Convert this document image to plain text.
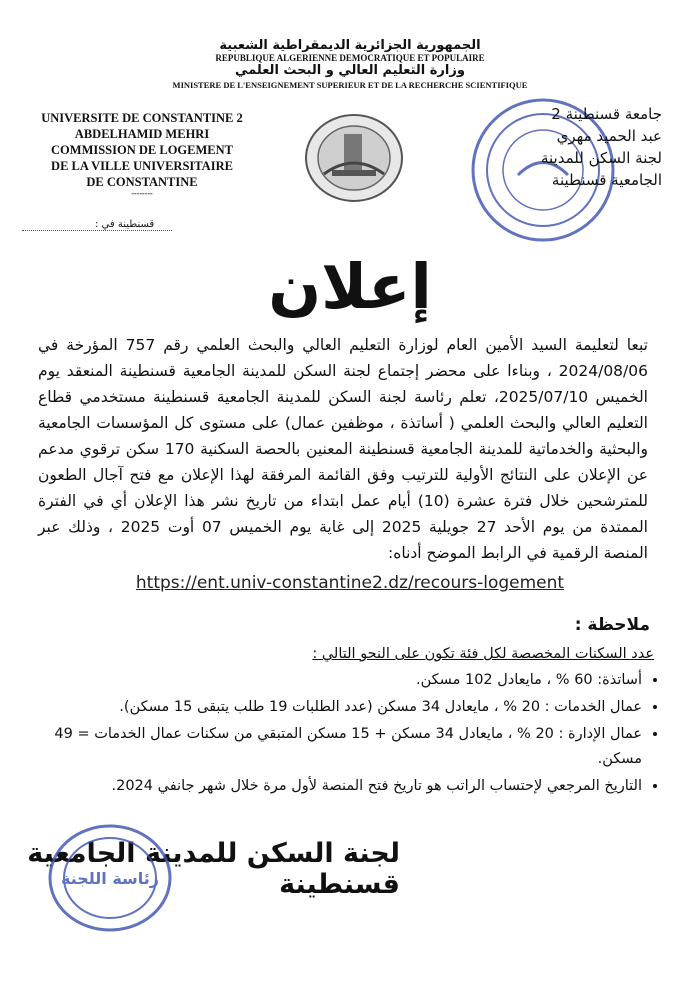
الجمهورية الجزائرية الديمقراطية الشعبية
REPUBLIQUE ALGERIENNE DEMOCRATIQUE ET POPULAIRE
وزارة التعليم العالي و البحث العلمي
MINISTERE DE L'ENSEIGNEMENT SUPERIEUR ET DE LA RECHERCHE SCIENTIFIQUE
UNIVERSITE DE CONSTANTINE 2
ABDELHAMID MEHRI
COMMISSION DE LOGEMENT
DE LA VILLE UNIVERSITAIRE
DE CONSTANTINE
--------
قسنطينة في :
جامعة قسنطينة 2
عبد الحميد مهري
لجنة السكن للمدينة
الجامعية قسنطينة
إعلان
تبعا لتعليمة السيد الأمين العام لوزارة التعليم العالي والبحث العلمي رقم 757 المؤرخة في 2024/08/06 ، وبناءا على محضر إجتماع لجنة السكن للمدينة الجامعية قسنطينة المنعقد يوم الخميس 2025/07/10، تعلم رئاسة لجنة السكن للمدينة الجامعية قسنطينة مستخدمي قطاع التعليم العالي والبحث العلمي ( أساتذة ، موظفين عمال) على مستوى كل المؤسسات الجامعية والبحثية والخدماتية للمدينة الجامعية قسنطينة المعنين بالحصة السكنية 170 سكن ترقوي مدعم عن الإعلان على النتائج الأولية للترتيب وفق القائمة المرفقة لهذا الإعلان مع فتح آجال الطعون للمترشحين خلال فترة عشرة (10) أيام عمل ابتداء من تاريخ نشر هذا الإعلان أي في الفترة الممتدة من يوم الأحد 27 جويلية 2025 إلى غاية يوم الخميس 07 أوت 2025 ، وذلك عبر المنصة الرقمية في الرابط الموضح أدناه:
https://ent.univ-constantine2.dz/recours-logement
ملاحظة :
عدد السكنات المخصصة لكل فئة تكون على النحو التالي :
• أساتذة: 60 % ، مايعادل 102 مسكن.
• عمال الخدمات : 20 % ، مايعادل 34 مسكن (عدد الطلبات 19 طلب يتبقى 15 مسكن).
• عمال الإدارة : 20 % ، مايعادل 34 مسكن + 15 مسكن المتبقي من سكنات عمال الخدمات = 49 مسكن.
• التاريخ المرجعي لإحتساب الراتب هو تاريخ فتح المنصة لأول مرة خلال شهر جانفي 2024.
لجنة السكن للمدينة الجامعية قسنطينة
رئاسة اللجنة
